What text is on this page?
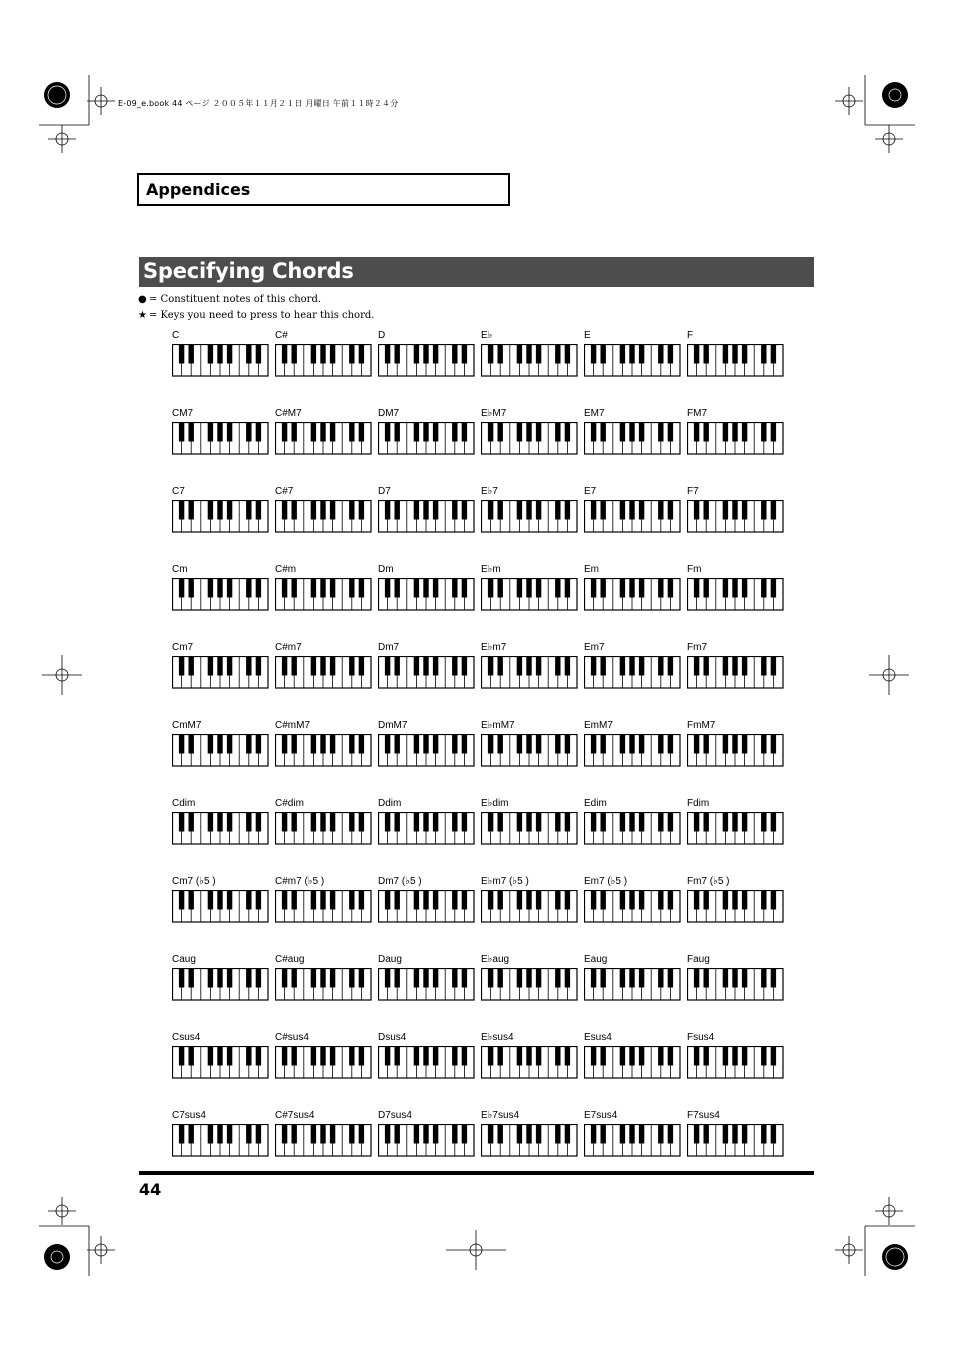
E-09_e.book 44 ページ ２００５年１１月２１日 月曜日 午前１１時２４分
Appendices
Specifying Chords
● = Constituent notes of this chord.
★ = Keys you need to press to hear this chord.
C	C#	D	E♭	E	F
CM7	C#M7	DM7	E♭M7	EM7	FM7
C7	C#7	D7	E♭7	E7	F7
Cm	C#m	Dm	E♭m	Em	Fm
Cm7	C#m7	Dm7	E♭m7	Em7	Fm7
CmM7	C#mM7	DmM7	E♭mM7	EmM7	FmM7
Cdim	C#dim	Ddim	E♭dim	Edim	Fdim
Cm7 (♭5 )	C#m7 (♭5 )	Dm7 (♭5 )	E♭m7 (♭5 )	Em7 (♭5 )	Fm7 (♭5 )
Caug	C#aug	Daug	E♭aug	Eaug	Faug
Csus4	C#sus4	Dsus4	E♭sus4	Esus4	Fsus4
C7sus4	C#7sus4	D7sus4	E♭7sus4	E7sus4	F7sus4
44
